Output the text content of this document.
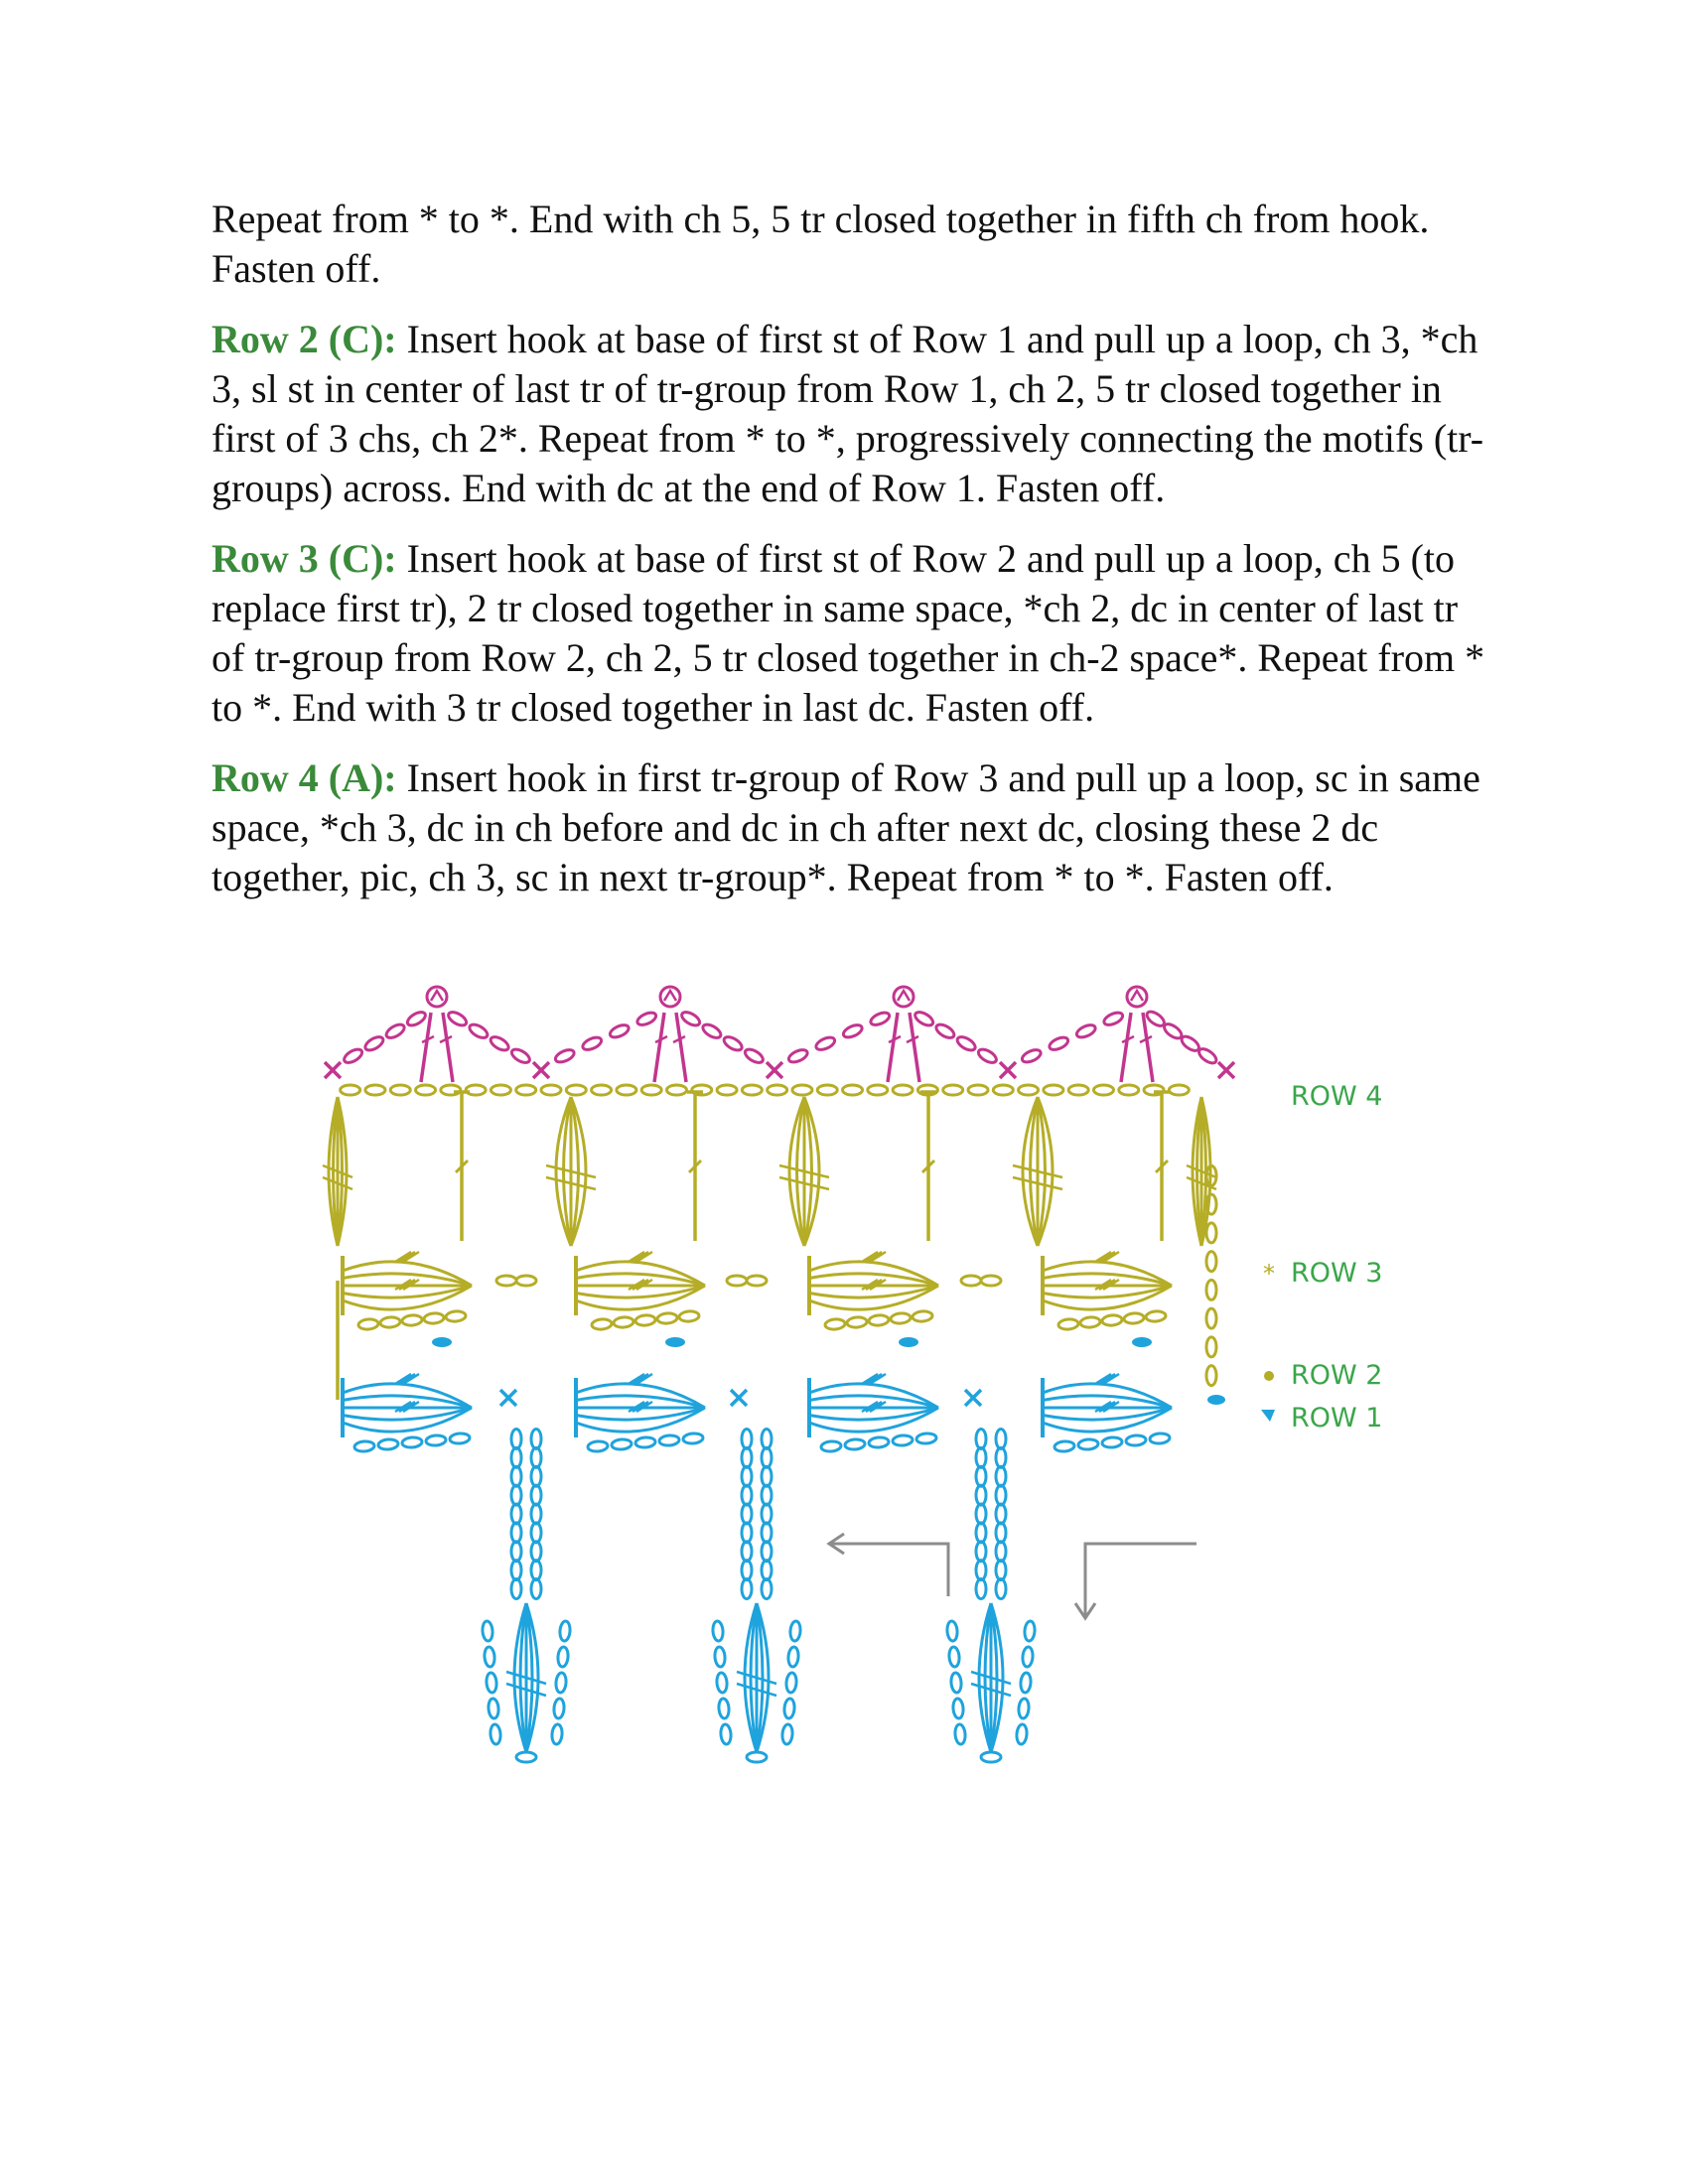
Repeat from * to *. End with ch 5, 5 tr closed together in fifth ch from hook. Fasten off.

Row 2 (C): Insert hook at base of first st of Row 1 and pull up a loop, ch 3, *ch 3, sl st in center of last tr of tr-group from Row 1, ch 2, 5 tr closed together in first of 3 chs, ch 2*. Repeat from * to *, progressively connecting the motifs (tr-groups) across. End with dc at the end of Row 1. Fasten off.

Row 3 (C): Insert hook at base of first st of Row 2 and pull up a loop, ch 5 (to replace first tr), 2 tr closed together in same space, *ch 2, dc in center of last tr of tr-group from Row 2, ch 2, 5 tr closed together in ch-2 space*. Repeat from * to *. End with 3 tr closed together in last dc. Fasten off.

Row 4 (A): Insert hook in first tr-group of Row 3 and pull up a loop, sc in same space, *ch 3, dc in ch before and dc in ch after next dc, closing these 2 dc together, pic, ch 3, sc in next tr-group*. Repeat from * to *. Fasten off.

ROW 4
ROW 3
ROW 2
ROW 1
*
